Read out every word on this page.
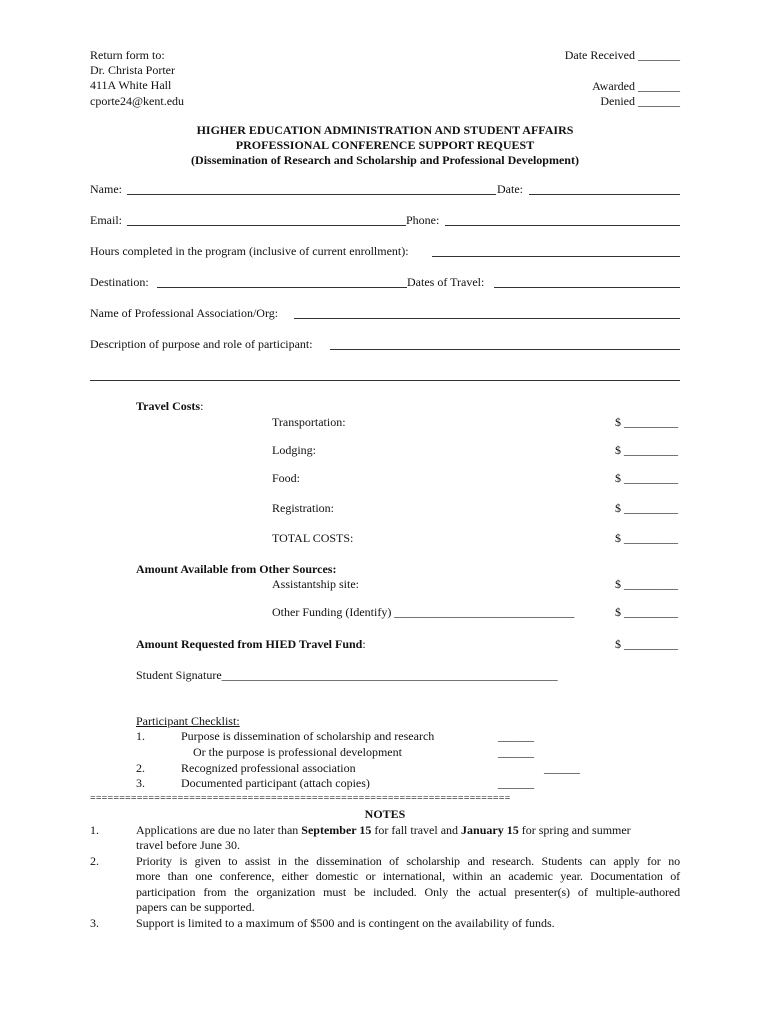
Return form to:
Dr. Christa Porter
411A White Hall
cporte24@kent.edu
Date Received _______
Awarded _______
Denied _______
HIGHER EDUCATION ADMINISTRATION AND STUDENT AFFAIRS
PROFESSIONAL CONFERENCE SUPPORT REQUEST
(Dissemination of Research and Scholarship and Professional Development)
Name:	Date:
Email:	Phone:
Hours completed in the program (inclusive of current enrollment):
Destination:	Dates of Travel:
Name of Professional Association/Org:
Description of purpose and role of participant:
Travel Costs:
Transportation:	$ _________
Lodging:	$ _________
Food:	$ _________
Registration:	$ _________
TOTAL COSTS:	$ _________
Amount Available from Other Sources:
Assistantship site:	$ _________
Other Funding (Identify) ______________________________	$ _________
Amount Requested from HIED Travel Fund:	$ _________
Student Signature________________________________________________________
Participant Checklist:
1.	Purpose is dissemination of scholarship and research	______
Or the purpose is professional development	______
2.	Recognized professional association	______
3.	Documented participant (attach copies)	______
========================================================================
NOTES
1.	Applications are due no later than September 15 for fall travel and January 15 for spring and summer
travel before June 30.
2.	Priority is given to assist in the dissemination of scholarship and research. Students can apply for no
more than one conference, either domestic or international, within an academic year. Documentation of
participation from the organization must be included. Only the actual presenter(s) of multiple-authored
papers can be supported.
3.	Support is limited to a maximum of $500 and is contingent on the availability of funds.
